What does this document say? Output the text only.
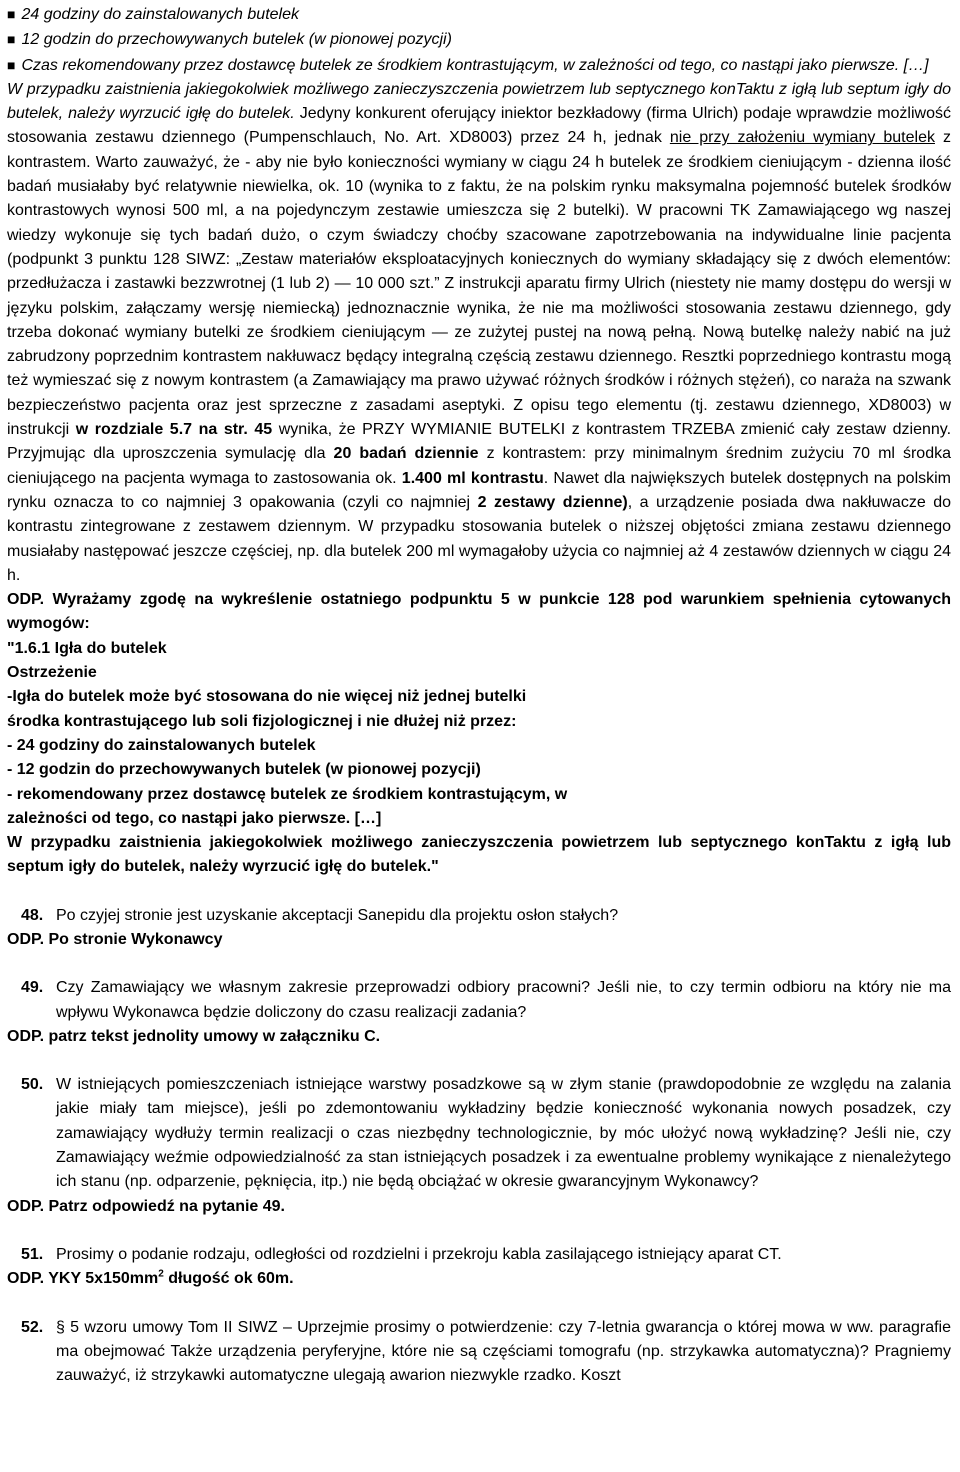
■ 24 godziny do zainstalowanych butelek

■ 12 godzin do przechowywanych butelek (w pionowej pozycji)

■ Czas rekomendowany przez dostawcę butelek ze środkiem kontrastującym, w zależności od tego, co nastąpi jako pierwsze. […]

W przypadku zaistnienia jakiegokolwiek możliwego zanieczyszczenia powietrzem lub septycznego konTaktu z igłą lub septum igły do butelek, należy wyrzucić igłę do butelek. Jedyny konkurent oferujący iniektor bezkładowy (firma Ulrich) podaje wprawdzie możliwość stosowania zestawu dziennego (Pumpenschlauch, No. Art. XD8003) przez 24 h, jednak nie przy założeniu wymiany butelek z kontrastem. Warto zauważyć, że - aby nie było konieczności wymiany w ciągu 24 h butelek ze środkiem cieniującym - dzienna ilość badań musiałaby być relatywnie niewielka, ok. 10 (wynika to z faktu, że na polskim rynku maksymalna pojemność butelek środków kontrastowych wynosi 500 ml, a na pojedynczym zestawie umieszcza się 2 butelki). W pracowni TK Zamawiającego wg naszej wiedzy wykonuje się tych badań dużo, o czym świadczy choćby szacowane zapotrzebowania na indywidualne linie pacjenta (podpunkt 3 punktu 128 SIWZ: „Zestaw materiałów eksploatacyjnych koniecznych do wymiany składający się z dwóch elementów: przedłużacza i zastawki bezzwrotnej (1 lub 2) — 10 000 szt.” Z instrukcji aparatu firmy Ulrich (niestety nie mamy dostępu do wersji w języku polskim, załączamy wersję niemiecką) jednoznacznie wynika, że nie ma możliwości stosowania zestawu dziennego, gdy trzeba dokonać wymiany butelki ze środkiem cieniującym — ze zużytej pustej na nową pełną. Nową butelkę należy nabić na już zabrudzony poprzednim kontrastem nakłuwacz będący integralną częścią zestawu dziennego. Resztki poprzedniego kontrastu mogą też wymieszać się z nowym kontrastem (a Zamawiający ma prawo używać różnych środków i różnych stężeń), co naraża na szwank bezpieczeństwo pacjenta oraz jest sprzeczne z zasadami aseptyki. Z opisu tego elementu (tj. zestawu dziennego, XD8003) w instrukcji w rozdziale 5.7 na str. 45 wynika, że PRZY WYMIANIE BUTELKI z kontrastem TRZEBA zmienić cały zestaw dzienny. Przyjmując dla uproszczenia symulację dla 20 badań dziennie z kontrastem: przy minimalnym średnim zużyciu 70 ml środka cieniującego na pacjenta wymaga to zastosowania ok. 1.400 ml kontrastu. Nawet dla największych butelek dostępnych na polskim rynku oznacza to co najmniej 3 opakowania (czyli co najmniej 2 zestawy dzienne), a urządzenie posiada dwa nakłuwacze do kontrastu zintegrowane z zestawem dziennym. W przypadku stosowania butelek o niższej objętości zmiana zestawu dziennego musiałaby następować jeszcze częściej, np. dla butelek 200 ml wymagałoby użycia co najmniej aż 4 zestawów dziennych w ciągu 24 h.

ODP. Wyrażamy zgodę na wykreślenie ostatniego podpunktu 5 w punkcie 128 pod warunkiem spełnienia cytowanych wymogów:

"1.6.1 Igła do butelek

Ostrzeżenie

-Igła do butelek może być stosowana do nie więcej niż jednej butelki

środka kontrastującego lub soli fizjologicznej i nie dłużej niż przez:

- 24 godziny do zainstalowanych butelek

- 12 godzin do przechowywanych butelek (w pionowej pozycji)

- rekomendowany przez dostawcę butelek ze środkiem kontrastującym, w

zależności od tego, co nastąpi jako pierwsze. […]

W przypadku zaistnienia jakiegokolwiek możliwego zanieczyszczenia powietrzem lub septycznego konTaktu z igłą lub septum igły do butelek, należy wyrzucić igłę do butelek."

48. Po czyjej stronie jest uzyskanie akceptacji Sanepidu dla projektu osłon stałych?

ODP. Po stronie Wykonawcy

49. Czy Zamawiający we własnym zakresie przeprowadzi odbiory pracowni? Jeśli nie, to czy termin odbioru na który nie ma wpływu Wykonawca będzie doliczony do czasu realizacji zadania?

ODP. patrz tekst jednolity umowy w załączniku C.

50. W istniejących pomieszczeniach istniejące warstwy posadzkowe są w złym stanie (prawdopodobnie ze względu na zalania jakie miały tam miejsce), jeśli po zdemontowaniu wykładziny będzie konieczność wykonania nowych posadzek, czy zamawiający wydłuży termin realizacji o czas niezbędny technologicznie, by móc ułożyć nową wykładzinę? Jeśli nie, czy Zamawiający weźmie odpowiedzialność za stan istniejących posadzek i za ewentualne problemy wynikające z nienależytego ich stanu (np. odparzenie, pęknięcia, itp.) nie będą obciążać w okresie gwarancyjnym Wykonawcy?

ODP. Patrz odpowiedź na pytanie 49.

51. Prosimy o podanie rodzaju, odległości od rozdzielni i przekroju kabla zasilającego istniejący aparat CT.

ODP. YKY $5x150mm^2$ długość ok 60m.

52. § 5 wzoru umowy Tom II SIWZ – Uprzejmie prosimy o potwierdzenie: czy 7-letnia gwarancja o której mowa w ww. paragrafie ma obejmować Także urządzenia peryferyjne, które nie są częściami tomografu (np. strzykawka automatyczna)? Pragniemy zauważyć, iż strzykawki automatyczne ulegają awarion niezwykle rzadko. Koszt
